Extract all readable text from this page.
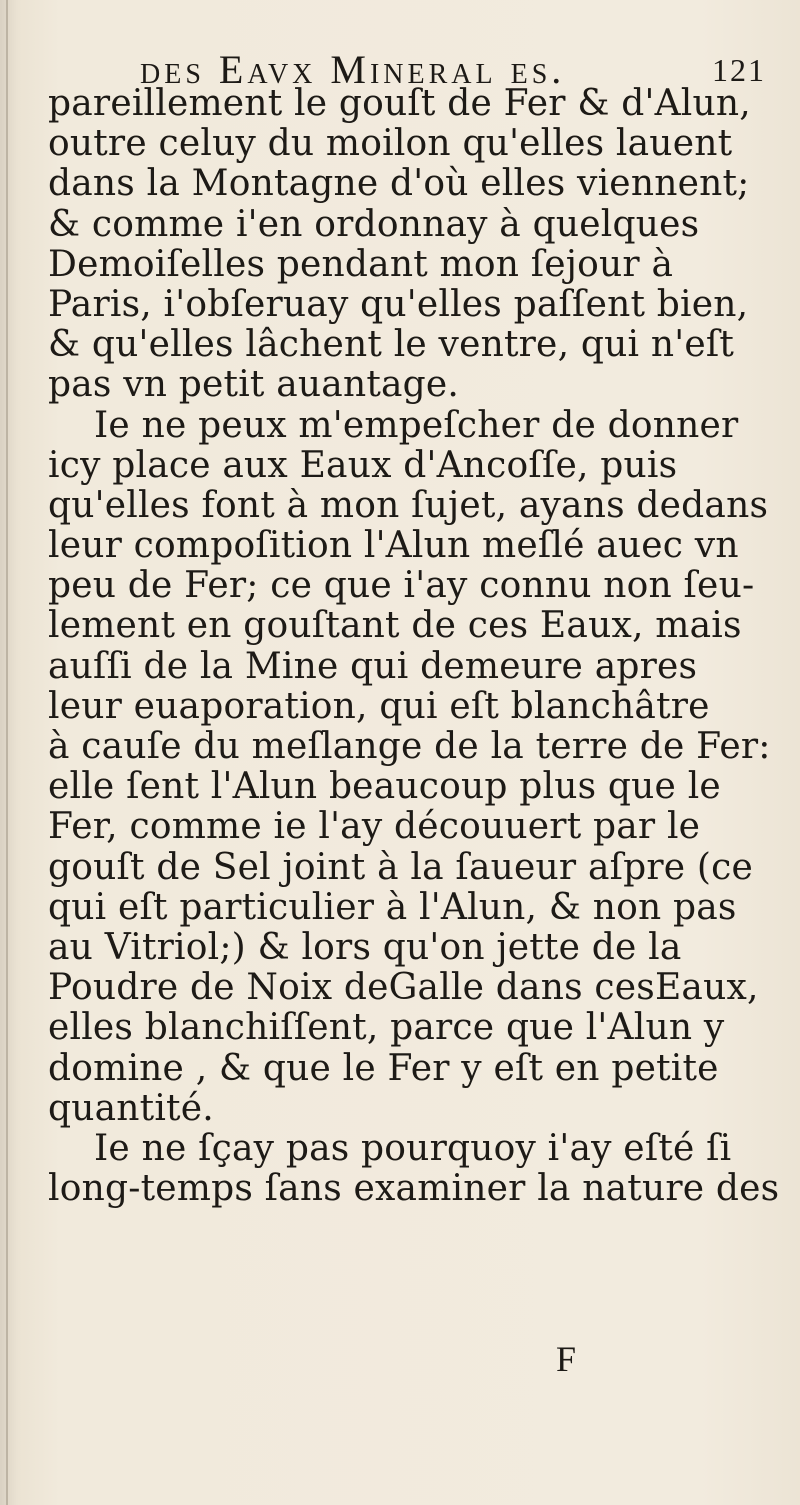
des Eavx Mineral es.	121
pareillement le gouſt de Fer & d'Alun,
outre celuy du moilon qu'elles lauent
dans la Montagne d'où elles viennent;
& comme i'en ordonnay à quelques
Demoiſelles pendant mon ſejour à
Paris, i'obſeruay qu'elles paſſent bien,
& qu'elles lâchent le ventre, qui n'eſt
pas vn petit auantage.
Ie ne peux m'empeſcher de donner
icy place aux Eaux d'Ancoſſe, puis
qu'elles font à mon ſujet, ayans dedans
leur compoſition l'Alun meſlé auec vn
peu de Fer; ce que i'ay connu non ſeu-
lement en gouſtant de ces Eaux, mais
auſſi de la Mine qui demeure apres
leur euaporation, qui eſt blanchâtre
à cauſe du meſlange de la terre de Fer:
elle ſent l'Alun beaucoup plus que le
Fer, comme ie l'ay découuert par le
gouſt de Sel joint à la ſaueur aſpre (ce
qui eſt particulier à l'Alun, & non pas
au Vitriol;) & lors qu'on jette de la
Poudre de Noix deGalle dans cesEaux,
elles blanchiſſent, parce que l'Alun y
domine , & que le Fer y eſt en petite
quantité.
Ie ne ſçay pas pourquoy i'ay eſté ſi
long-temps ſans examiner la nature des
F
